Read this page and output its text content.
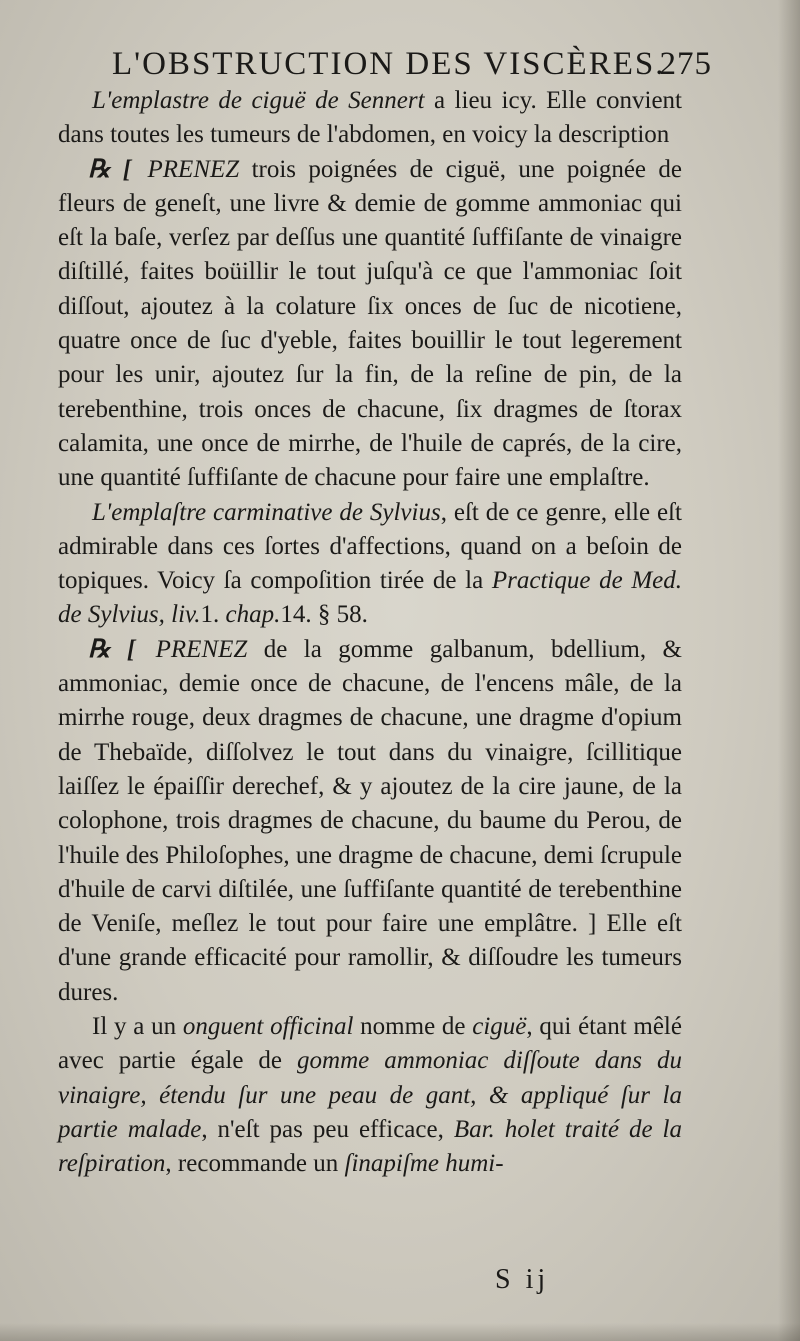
L'OBSTRUCTION DES VISCÈRES.
275

L'emplastre de ciguë de Sennert a lieu icy. Elle convient dans toutes les tumeurs de l'abdomen, en voicy la description

℞ [ PRENEZ trois poignées de ciguë, une poignée de fleurs de geneſt, une livre & demie de gomme ammoniac qui eſt la baſe, verſez par deſſus une quantité ſuffiſante de vinaigre diſtillé, faites boüillir le tout juſqu'à ce que l'ammoniac ſoit diſſout, ajoutez à la colature ſix onces de ſuc de nicotiene, quatre once de ſuc d'yeble, faites bouillir le tout legerement pour les unir, ajoutez ſur la fin, de la reſine de pin, de la terebenthine, trois onces de chacune, ſix dragmes de ſtorax calamita, une once de mirrhe, de l'huile de caprés, de la cire, une quantité ſuffiſante de chacune pour faire une emplaſtre.

L'emplaſtre carminative de Sylvius, eſt de ce genre, elle eſt admirable dans ces ſortes d'affections, quand on a beſoin de topiques. Voicy ſa compoſition tirée de la Practique de Med. de Sylvius, liv.1. chap.14. § 58.

℞ [ PRENEZ de la gomme galbanum, bdellium, & ammoniac, demie once de chacune, de l'encens mâle, de la mirrhe rouge, deux dragmes de chacune, une dragme d'opium de Thebaïde, diſſolvez le tout dans du vinaigre, ſcillitique laiſſez le épaiſſir derechef, & y ajoutez de la cire jaune, de la colophone, trois dragmes de chacune, du baume du Perou, de l'huile des Philoſophes, une dragme de chacune, demi ſcrupule d'huile de carvi diſtilée, une ſuffiſante quantité de terebenthine de Veniſe, meſlez le tout pour faire une emplâtre. ] Elle eſt d'une grande efficacité pour ramollir, & diſſoudre les tumeurs dures.

Il y a un onguent officinal nomme de ciguë, qui étant mêlé avec partie égale de gomme ammoniac diſſoute dans du vinaigre, étendu ſur une peau de gant, & appliqué ſur la partie malade, n'eſt pas peu efficace, Bar. holet traité de la reſpiration, recommande un ſinapiſme humi-

S ij
